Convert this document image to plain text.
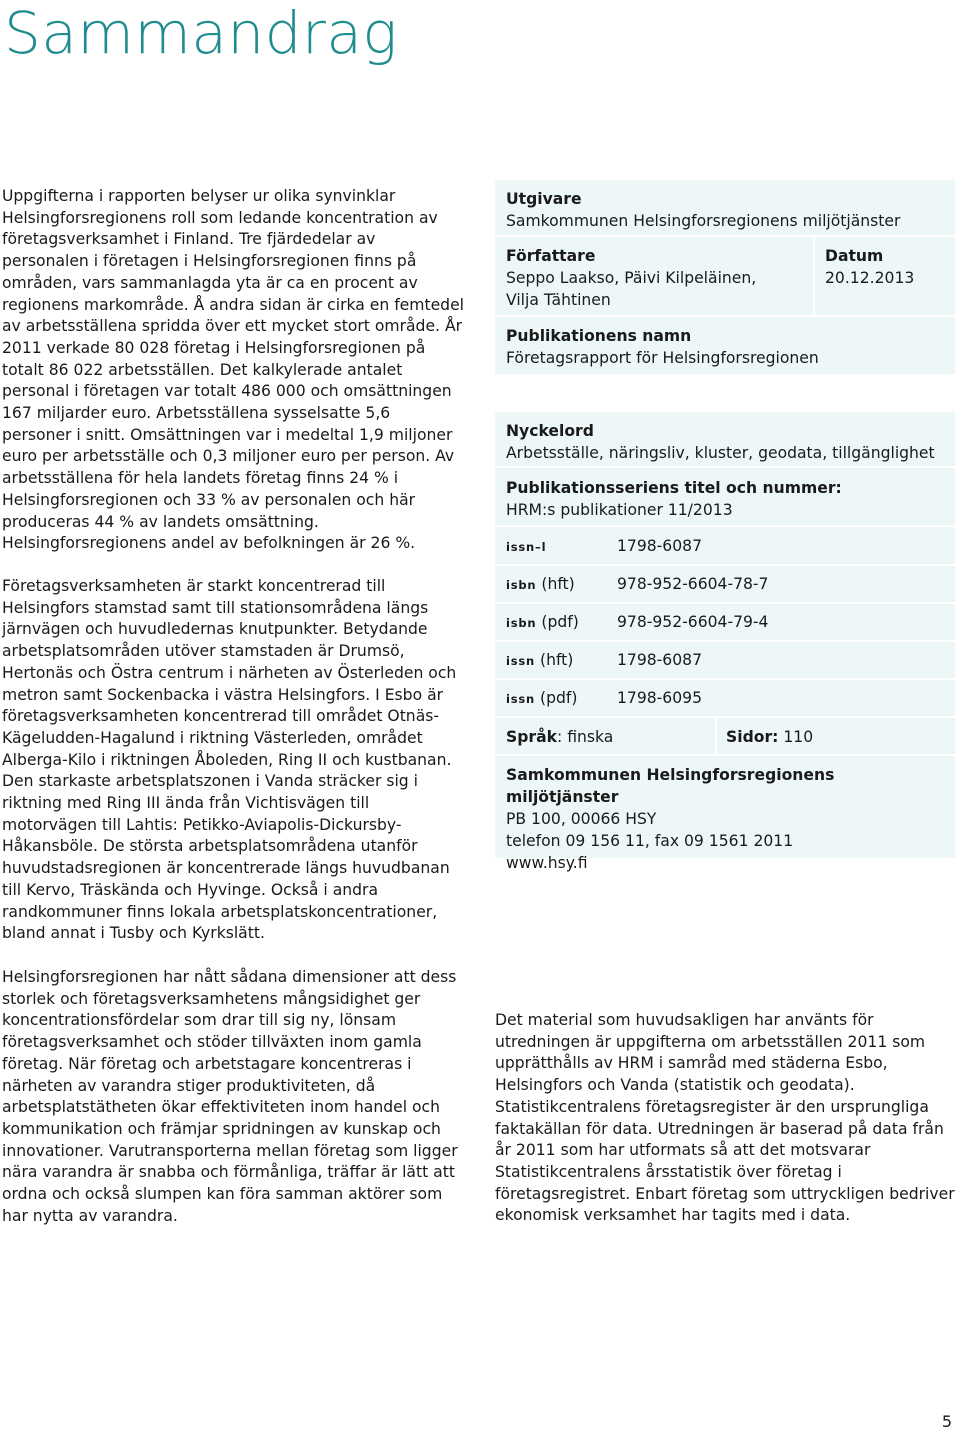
Sammandrag

Uppgifterna i rapporten belyser ur olika synvinklar Helsingforsregionens roll som ledande koncentration av företagsverksamhet i Finland. Tre fjärdedelar av personalen i företagen i Helsingforsregionen finns på områden, vars sammanlagda yta är ca en procent av regionens markområde. Å andra sidan är cirka en femtedel av arbetsställena spridda över ett mycket stort område. År 2011 verkade 80 028 företag i Helsingforsregionen på totalt 86 022 arbetsställen. Det kalkylerade antalet personal i företagen var totalt 486 000 och omsättningen 167 miljarder euro. Arbetsställena sysselsatte 5,6 personer i snitt. Omsättningen var i medeltal 1,9 miljoner euro per arbetsställe och 0,3 miljoner euro per person. Av arbetsställena för hela landets företag finns 24 % i Helsingforsregionen och 33 % av personalen och här produceras 44 % av landets omsättning. Helsingforsregionens andel av befolkningen är 26 %.

Företagsverksamheten är starkt koncentrerad till Helsingfors stamstad samt till stationsområdena längs järnvägen och huvudledernas knutpunkter. Betydande arbetsplatsområden utöver stamstaden är Drumsö, Hertonäs och Östra centrum i närheten av Österleden och metron samt Sockenbacka i västra Helsingfors. I Esbo är företagsverksamheten koncentrerad till området Otnäs-Kägeludden-Hagalund i riktning Västerleden, området Alberga-Kilo i riktningen Åboleden, Ring II och kustbanan. Den starkaste arbetsplatszonen i Vanda sträcker sig i riktning med Ring III ända från Vichtisvägen till motorvägen till Lahtis: Petikko-Aviapolis-Dickursby-Håkansböle. De största arbetsplatsområdena utanför huvudstadsregionen är koncentrerade längs huvudbanan till Kervo, Träskända och Hyvinge. Också i andra randkommuner finns lokala arbetsplatskoncentrationer, bland annat i Tusby och Kyrkslätt.

Helsingforsregionen har nått sådana dimensioner att dess storlek och företagsverksamhetens mångsidighet ger koncentrationsfördelar som drar till sig ny, lönsam företagsverksamhet och stöder tillväxten inom gamla företag. När företag och arbetstagare koncentreras i närheten av varandra stiger produktiviteten, då arbetsplatstätheten ökar effektiviteten inom handel och kommunikation och främjar spridningen av kunskap och innovationer. Varutransporterna mellan företag som ligger nära varandra är snabba och förmånliga, träffar är lätt att ordna och också slumpen kan föra samman aktörer som har nytta av varandra.

Utgivare
Samkommunen Helsingforsregionens miljötjänster
Författare
Seppo Laakso, Päivi Kilpeläinen,
Vilja Tähtinen
Datum
20.12.2013
Publikationens namn
Företagsrapport för Helsingforsregionen
Nyckelord
Arbetsställe, näringsliv, kluster, geodata, tillgänglighet
Publikationsseriens titel och nummer:
HRM:s publikationer 11/2013
issn–l	1798-6087
isbn (hft)	978-952-6604-78-7
isbn (pdf) 978-952-6604-79-4
issn (hft)	1798-6087
issn (pdf)	1798-6095
Språk: finska	Sidor: 110
Samkommunen Helsingforsregionens miljötjänster
PB 100, 00066 HSY
telefon 09 156 11, fax 09 1561 2011
www.hsy.fi

Det material som huvudsakligen har använts för utredningen är uppgifterna om arbetsställen 2011 som upprätthålls av HRM i samråd med städerna Esbo, Helsingfors och Vanda (statistik och geodata). Statistikcentralens företagsregister är den ursprungliga faktakällan för data. Utredningen är baserad på data från år 2011 som har utformats så att det motsvarar Statistikcentralens årsstatistik över företag i företagsregistret. Enbart företag som uttryckligen bedriver ekonomisk verksamhet har tagits med i data.

5
